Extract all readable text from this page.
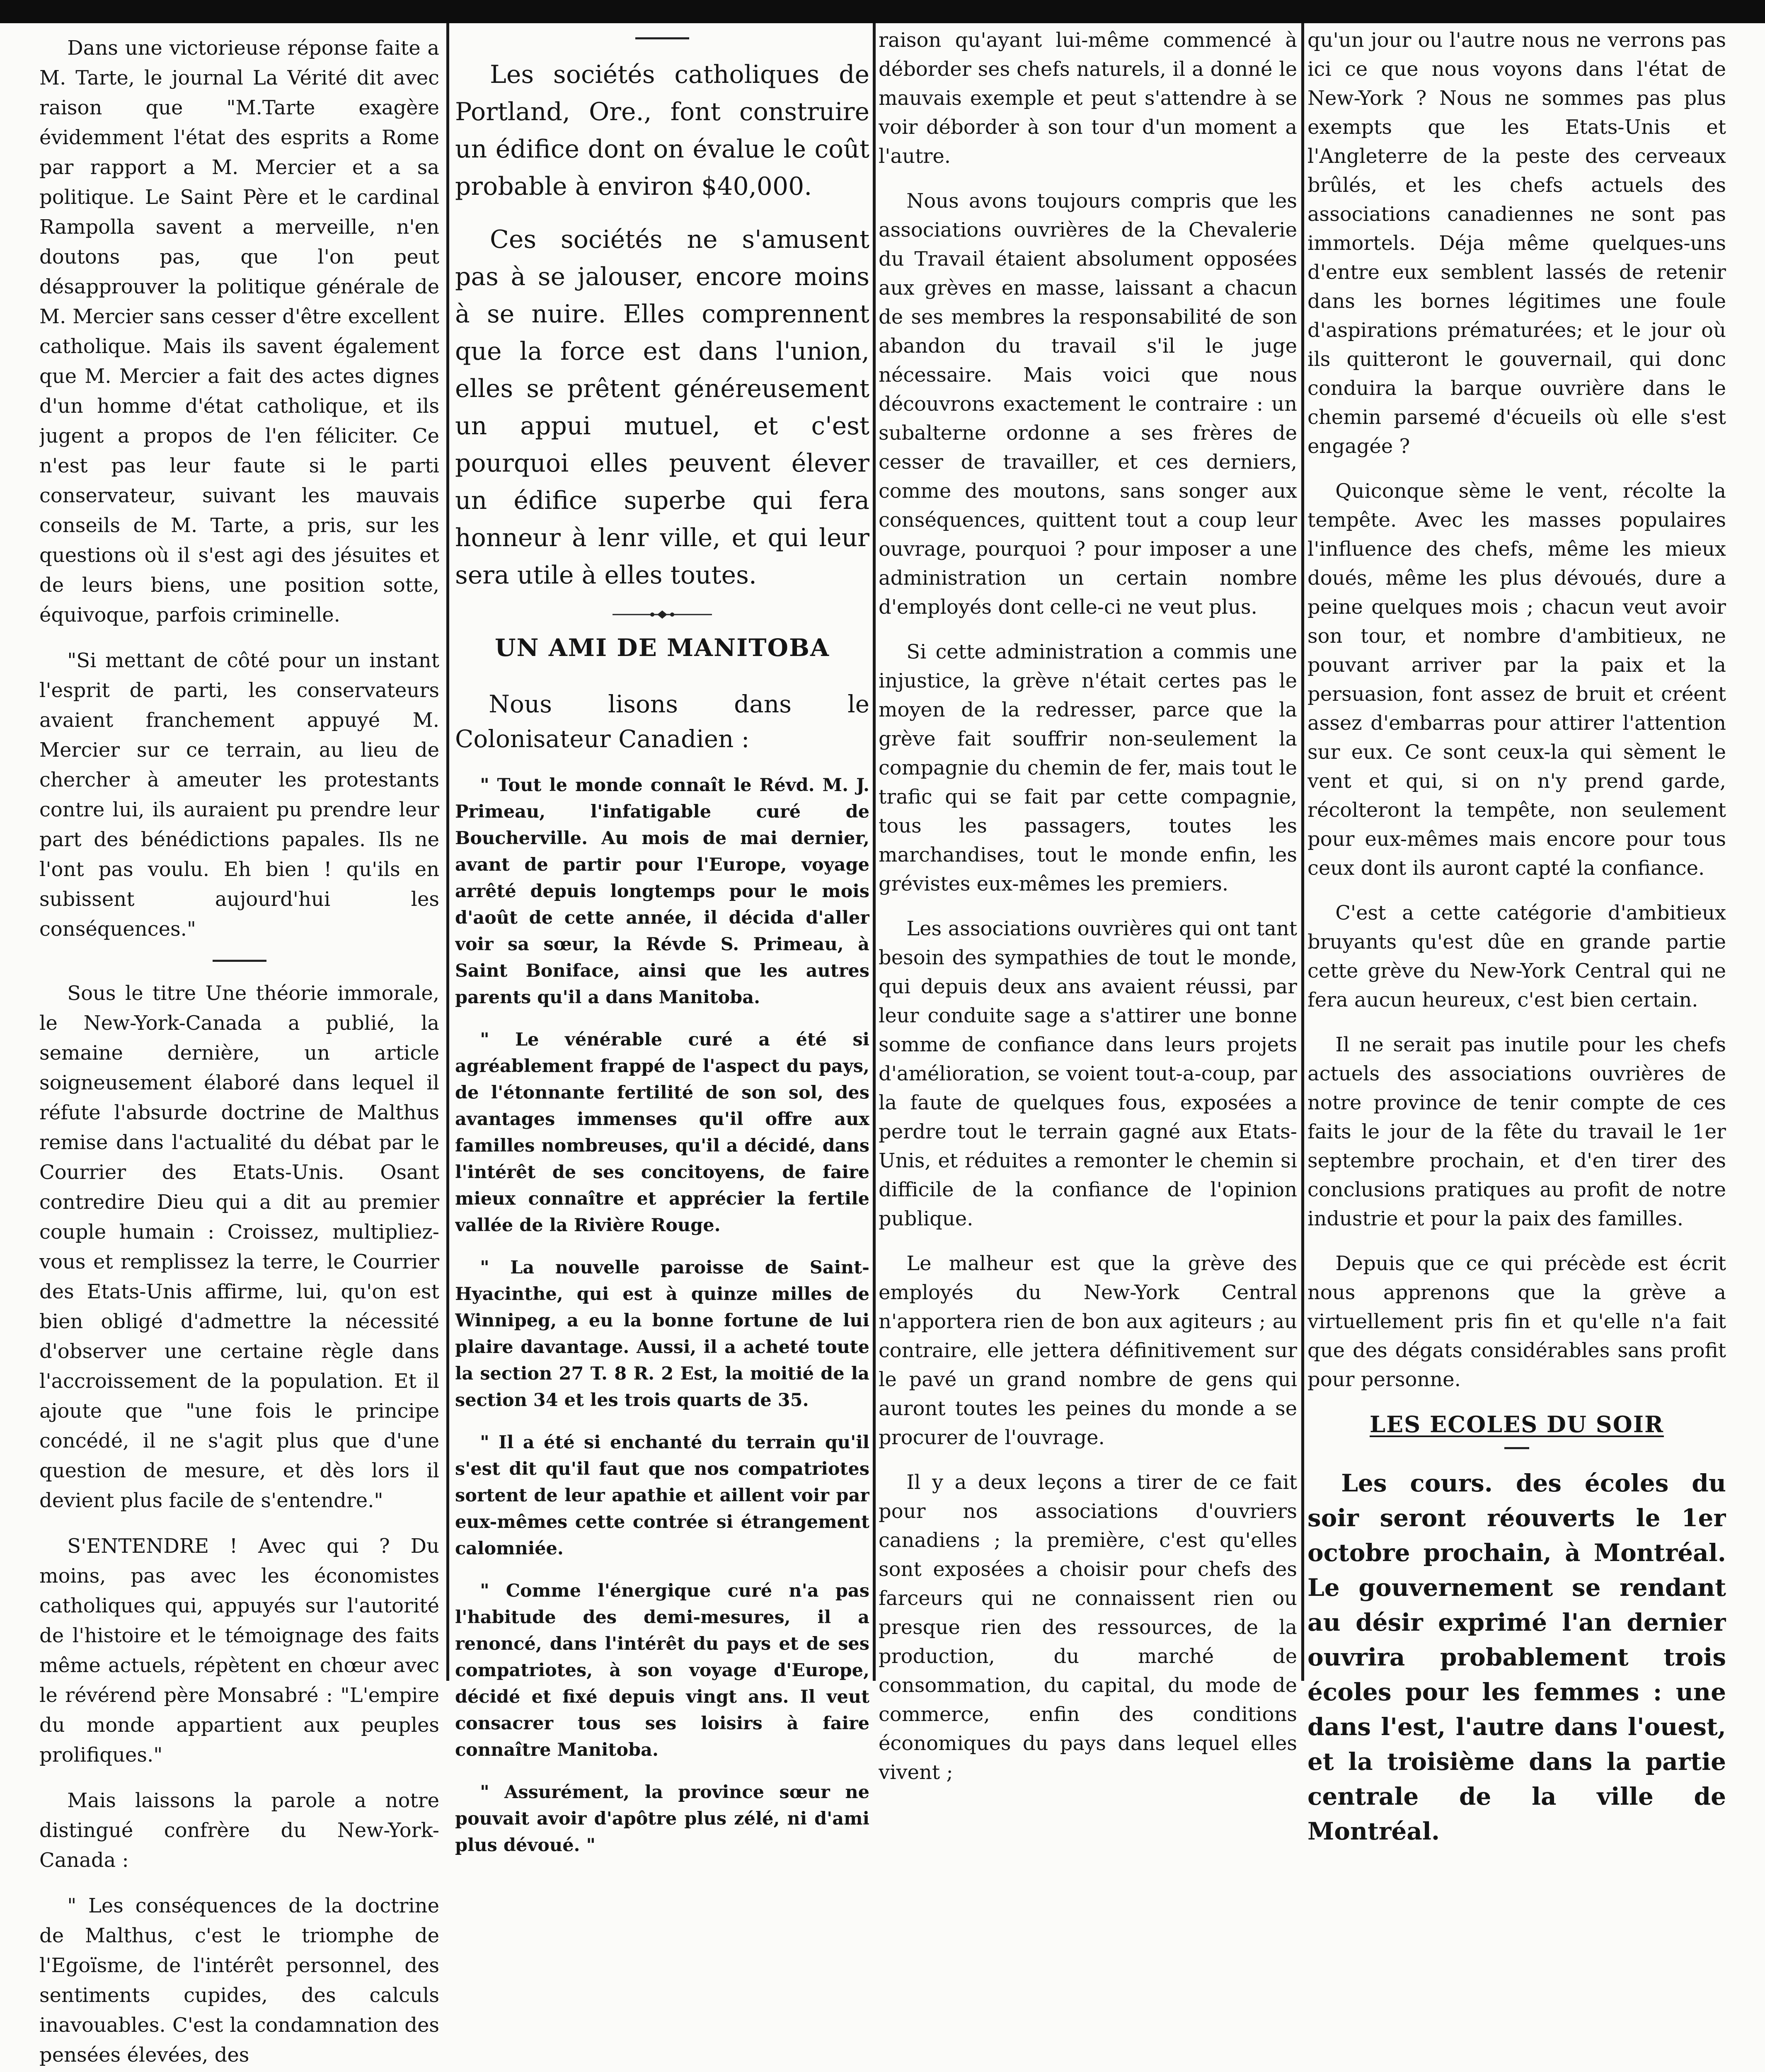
Dans une victorieuse réponse faite a M. Tarte, le journal La Vérité dit avec raison que "M.Tarte exagère évidemment l'état des esprits a Rome par rapport a M. Mercier et a sa politique. Le Saint Père et le cardinal Rampolla savent a merveille, n'en doutons pas, que l'on peut désapprouver la politique générale de M. Mercier sans cesser d'être excellent catholique. Mais ils savent également que M. Mercier a fait des actes dignes d'un homme d'état catholique, et ils jugent a propos de l'en féliciter. Ce n'est pas leur faute si le parti conservateur, suivant les mauvais conseils de M. Tarte, a pris, sur les questions où il s'est agi des jésuites et de leurs biens, une position sotte, équivoque, parfois criminelle.

"Si mettant de côté pour un instant l'esprit de parti, les conservateurs avaient franchement appuyé M. Mercier sur ce terrain, au lieu de chercher à ameuter les protestants contre lui, ils auraient pu prendre leur part des bénédictions papales. Ils ne l'ont pas voulu. Eh bien ! qu'ils en subissent aujourd'hui les conséquences."

Sous le titre Une théorie immorale, le New-York-Canada a publié, la semaine dernière, un article soigneusement élaboré dans lequel il réfute l'absurde doctrine de Malthus remise dans l'actualité du débat par le Courrier des Etats-Unis. Osant contredire Dieu qui a dit au premier couple humain : Croissez, multipliez-vous et remplissez la terre, le Courrier des Etats-Unis affirme, lui, qu'on est bien obligé d'admettre la nécessité d'observer une certaine règle dans l'accroissement de la population. Et il ajoute que "une fois le principe concédé, il ne s'agit plus que d'une question de mesure, et dès lors il devient plus facile de s'entendre."

S'ENTENDRE ! Avec qui ? Du moins, pas avec les économistes catholiques qui, appuyés sur l'autorité de l'histoire et le témoignage des faits même actuels, répètent en chœur avec le révérend père Monsabré : "L'empire du monde appartient aux peuples prolifiques."

Mais laissons la parole a notre distingué confrère du New-York-Canada :

" Les conséquences de la doctrine de Malthus, c'est le triomphe de l'Egoïsme, de l'intérêt personnel, des sentiments cupides, des calculs inavouables. C'est la condamnation des pensées élevées, des

Les sociétés catholiques de Portland, Ore., font construire un édifice dont on évalue le coût probable à environ $40,000.

Ces sociétés ne s'amusent pas à se jalouser, encore moins à se nuire. Elles comprennent que la force est dans l'union, elles se prêtent généreusement un appui mutuel, et c'est pourquoi elles peuvent élever un édifice superbe qui fera honneur à lenr ville, et qui leur sera utile à elles toutes.

UN AMI DE MANITOBA

Nous lisons dans le Colonisateur Canadien :

" Tout le monde connaît le Révd. M. J. Primeau, l'infatigable curé de Boucherville. Au mois de mai dernier, avant de partir pour l'Europe, voyage arrêté depuis longtemps pour le mois d'août de cette année, il décida d'aller voir sa sœur, la Révde S. Primeau, à Saint Boniface, ainsi que les autres parents qu'il a dans Manitoba.

" Le vénérable curé a été si agréablement frappé de l'aspect du pays, de l'étonnante fertilité de son sol, des avantages immenses qu'il offre aux familles nombreuses, qu'il a décidé, dans l'intérêt de ses concitoyens, de faire mieux connaître et apprécier la fertile vallée de la Rivière Rouge.

" La nouvelle paroisse de Saint-Hyacinthe, qui est à quinze milles de Winnipeg, a eu la bonne fortune de lui plaire davantage. Aussi, il a acheté toute la section 27 T. 8 R. 2 Est, la moitié de la section 34 et les trois quarts de 35.

" Il a été si enchanté du terrain qu'il s'est dit qu'il faut que nos compatriotes sortent de leur apathie et aillent voir par eux-mêmes cette contrée si étrangement calomniée.

" Comme l'énergique curé n'a pas l'habitude des demi-mesures, il a renoncé, dans l'intérêt du pays et de ses compatriotes, à son voyage d'Europe, décidé et fixé depuis vingt ans. Il veut consacrer tous ses loisirs à faire connaître Manitoba.

" Assurément, la province sœur ne pouvait avoir d'apôtre plus zélé, ni d'ami plus dévoué. "

raison qu'ayant lui-même commencé à déborder ses chefs naturels, il a donné le mauvais exemple et peut s'attendre à se voir déborder à son tour d'un moment a l'autre.

Nous avons toujours compris que les associations ouvrières de la Chevalerie du Travail étaient absolument opposées aux grèves en masse, laissant a chacun de ses membres la responsabilité de son abandon du travail s'il le juge nécessaire. Mais voici que nous découvrons exactement le contraire : un subalterne ordonne a ses frères de cesser de travailler, et ces derniers, comme des moutons, sans songer aux conséquences, quittent tout a coup leur ouvrage, pourquoi ? pour imposer a une administration un certain nombre d'employés dont celle-ci ne veut plus.

Si cette administration a commis une injustice, la grève n'était certes pas le moyen de la redresser, parce que la grève fait souffrir non-seulement la compagnie du chemin de fer, mais tout le trafic qui se fait par cette compagnie, tous les passagers, toutes les marchandises, tout le monde enfin, les grévistes eux-mêmes les premiers.

Les associations ouvrières qui ont tant besoin des sympathies de tout le monde, qui depuis deux ans avaient réussi, par leur conduite sage a s'attirer une bonne somme de confiance dans leurs projets d'amélioration, se voient tout-a-coup, par la faute de quelques fous, exposées a perdre tout le terrain gagné aux Etats-Unis, et réduites a remonter le chemin si difficile de la confiance de l'opinion publique.

Le malheur est que la grève des employés du New-York Central n'apportera rien de bon aux agiteurs ; au contraire, elle jettera définitivement sur le pavé un grand nombre de gens qui auront toutes les peines du monde a se procurer de l'ouvrage.

Il y a deux leçons a tirer de ce fait pour nos associations d'ouvriers canadiens ; la première, c'est qu'elles sont exposées a choisir pour chefs des farceurs qui ne connaissent rien ou presque rien des ressources, de la production, du marché de consommation, du capital, du mode de commerce, enfin des conditions économiques du pays dans lequel elles vivent ;

qu'un jour ou l'autre nous ne verrons pas ici ce que nous voyons dans l'état de New-York ? Nous ne sommes pas plus exempts que les Etats-Unis et l'Angleterre de la peste des cerveaux brûlés, et les chefs actuels des associations canadiennes ne sont pas immortels. Déja même quelques-uns d'entre eux semblent lassés de retenir dans les bornes légitimes une foule d'aspirations prématurées; et le jour où ils quitteront le gouvernail, qui donc conduira la barque ouvrière dans le chemin parsemé d'écueils où elle s'est engagée ?

Quiconque sème le vent, récolte la tempête. Avec les masses populaires l'influence des chefs, même les mieux doués, même les plus dévoués, dure a peine quelques mois ; chacun veut avoir son tour, et nombre d'ambitieux, ne pouvant arriver par la paix et la persuasion, font assez de bruit et créent assez d'embarras pour attirer l'attention sur eux. Ce sont ceux-la qui sèment le vent et qui, si on n'y prend garde, récolteront la tempête, non seulement pour eux-mêmes mais encore pour tous ceux dont ils auront capté la confiance.

C'est a cette catégorie d'ambitieux bruyants qu'est dûe en grande partie cette grève du New-York Central qui ne fera aucun heureux, c'est bien certain.

Il ne serait pas inutile pour les chefs actuels des associations ouvrières de notre province de tenir compte de ces faits le jour de la fête du travail le 1er septembre prochain, et d'en tirer des conclusions pratiques au profit de notre industrie et pour la paix des familles.

Depuis que ce qui précède est écrit nous apprenons que la grève a virtuellement pris fin et qu'elle n'a fait que des dégats considérables sans profit pour personne.

LES ECOLES DU SOIR

Les cours. des écoles du soir seront réouverts le 1er octobre prochain, à Montréal. Le gouvernement se rendant au désir exprimé l'an dernier ouvrira probablement trois écoles pour les femmes : une dans l'est, l'autre dans l'ouest, et la troisième dans la partie centrale de la ville de Montréal.
